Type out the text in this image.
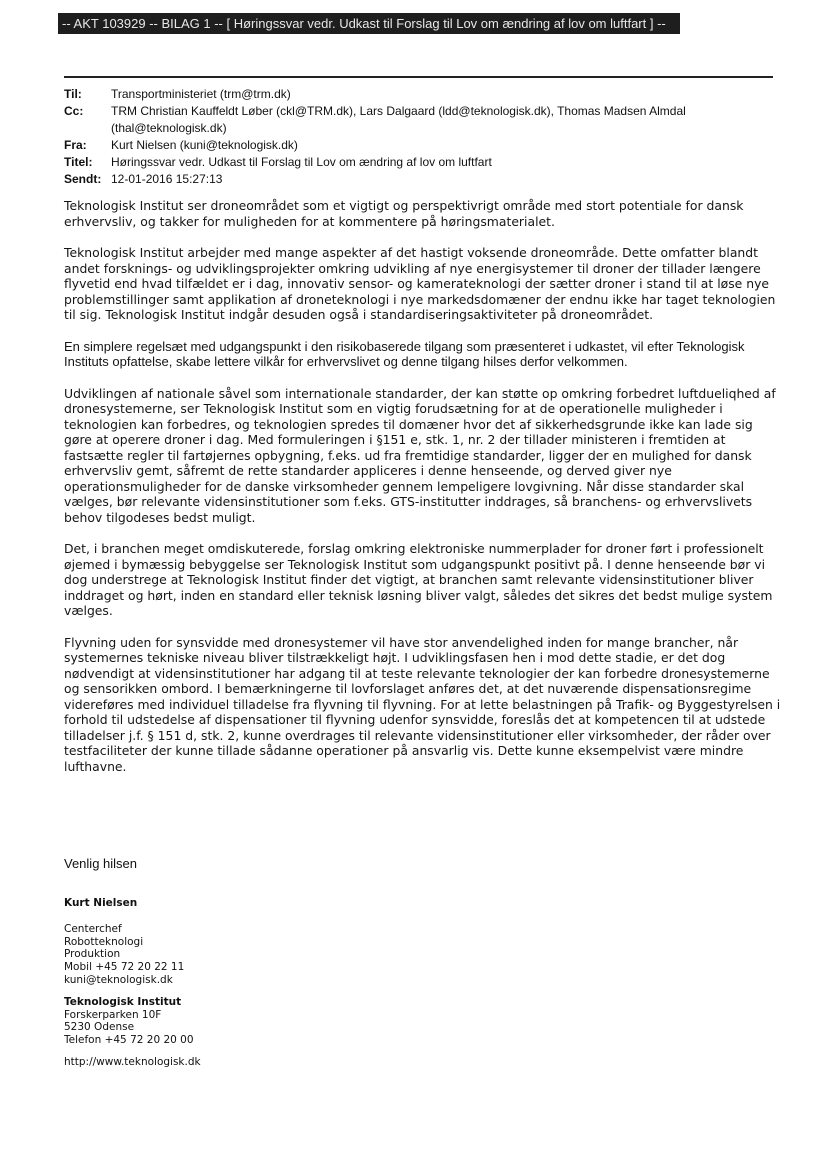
-- AKT 103929 -- BILAG 1 -- [ Høringssvar vedr. Udkast til Forslag til Lov om ændring af lov om luftfart ] --
Til:	Transportministeriet (trm@trm.dk)
Cc:	TRM Christian Kauffeldt Løber (ckl@TRM.dk), Lars Dalgaard (ldd@teknologisk.dk), Thomas Madsen Almdal (thal@teknologisk.dk)
Fra:	Kurt Nielsen (kuni@teknologisk.dk)
Titel:	Høringssvar vedr. Udkast til Forslag til Lov om ændring af lov om luftfart
Sendt: 12-01-2016 15:27:13

Teknologisk Institut ser droneområdet som et vigtigt og perspektivrigt område med stort potentiale for dansk erhvervsliv, og takker for muligheden for at kommentere på høringsmaterialet.

Teknologisk Institut arbejder med mange aspekter af det hastigt voksende droneområde. Dette omfatter blandt andet forsknings- og udviklingsprojekter omkring udvikling af nye energisystemer til droner der tillader længere flyvetid end hvad tilfældet er i dag, innovativ sensor- og kamerateknologi der sætter droner i stand til at løse nye problemstillinger samt applikation af droneteknologi i nye markedsdomæner der endnu ikke har taget teknologien til sig. Teknologisk Institut indgår desuden også i standardiseringsaktiviteter på droneområdet.

En simplere regelsæt med udgangspunkt i den risikobaserede tilgang som præsenteret i udkastet, vil efter Teknologisk Instituts opfattelse, skabe lettere vilkår for erhvervslivet og denne tilgang hilses derfor velkommen.

Udviklingen af nationale såvel som internationale standarder, der kan støtte op omkring forbedret luftdueliqhed af dronesystemerne, ser Teknologisk Institut som en vigtig forudsætning for at de operationelle muligheder i teknologien kan forbedres, og teknologien spredes til domæner hvor det af sikkerhedsgrunde ikke kan lade sig gøre at operere droner i dag. Med formuleringen i §151 e, stk. 1, nr. 2 der tillader ministeren i fremtiden at fastsætte regler til fartøjernes opbygning, f.eks. ud fra fremtidige standarder, ligger der en mulighed for dansk erhvervsliv gemt, såfremt de rette standarder appliceres i denne henseende, og derved giver nye operationsmuligheder for de danske virksomheder gennem lempeligere lovgivning. Når disse standarder skal vælges, bør relevante vidensinstitutioner som f.eks. GTS-institutter inddrages, så branchens- og erhvervslivets behov tilgodeses bedst muligt.

Det, i branchen meget omdiskuterede, forslag omkring elektroniske nummerplader for droner ført i professionelt øjemed i bymæssig bebyggelse ser Teknologisk Institut som udgangspunkt positivt på. I denne henseende bør vi dog understrege at Teknologisk Institut finder det vigtigt, at branchen samt relevante vidensinstitutioner bliver inddraget og hørt, inden en standard eller teknisk løsning bliver valgt, således det sikres det bedst mulige system vælges.

Flyvning uden for synsvidde med dronesystemer vil have stor anvendelighed inden for mange brancher, når systemernes tekniske niveau bliver tilstrækkeligt højt. I udviklingsfasen hen i mod dette stadie, er det dog nødvendigt at vidensinstitutioner har adgang til at teste relevante teknologier der kan forbedre dronesystemerne og sensorikken ombord. I bemærkningerne til lovforslaget anføres det, at det nuværende dispensationsregime videreføres med individuel tilladelse fra flyvning til flyvning. For at lette belastningen på Trafik- og Byggestyrelsen i forhold til udstedelse af dispensationer til flyvning udenfor synsvidde, foreslås det at kompetencen til at udstede tilladelser j.f. § 151 d, stk. 2, kunne overdrages til relevante vidensinstitutioner eller virksomheder, der råder over testfaciliteter der kunne tillade sådanne operationer på ansvarlig vis. Dette kunne eksempelvist være mindre lufthavne.

Venlig hilsen
Kurt Nielsen
Centerchef
Robotteknologi
Produktion
Mobil +45 72 20 22 11
kuni@teknologisk.dk
Teknologisk Institut
Forskerparken 10F
5230 Odense
Telefon +45 72 20 20 00
http://www.teknologisk.dk
